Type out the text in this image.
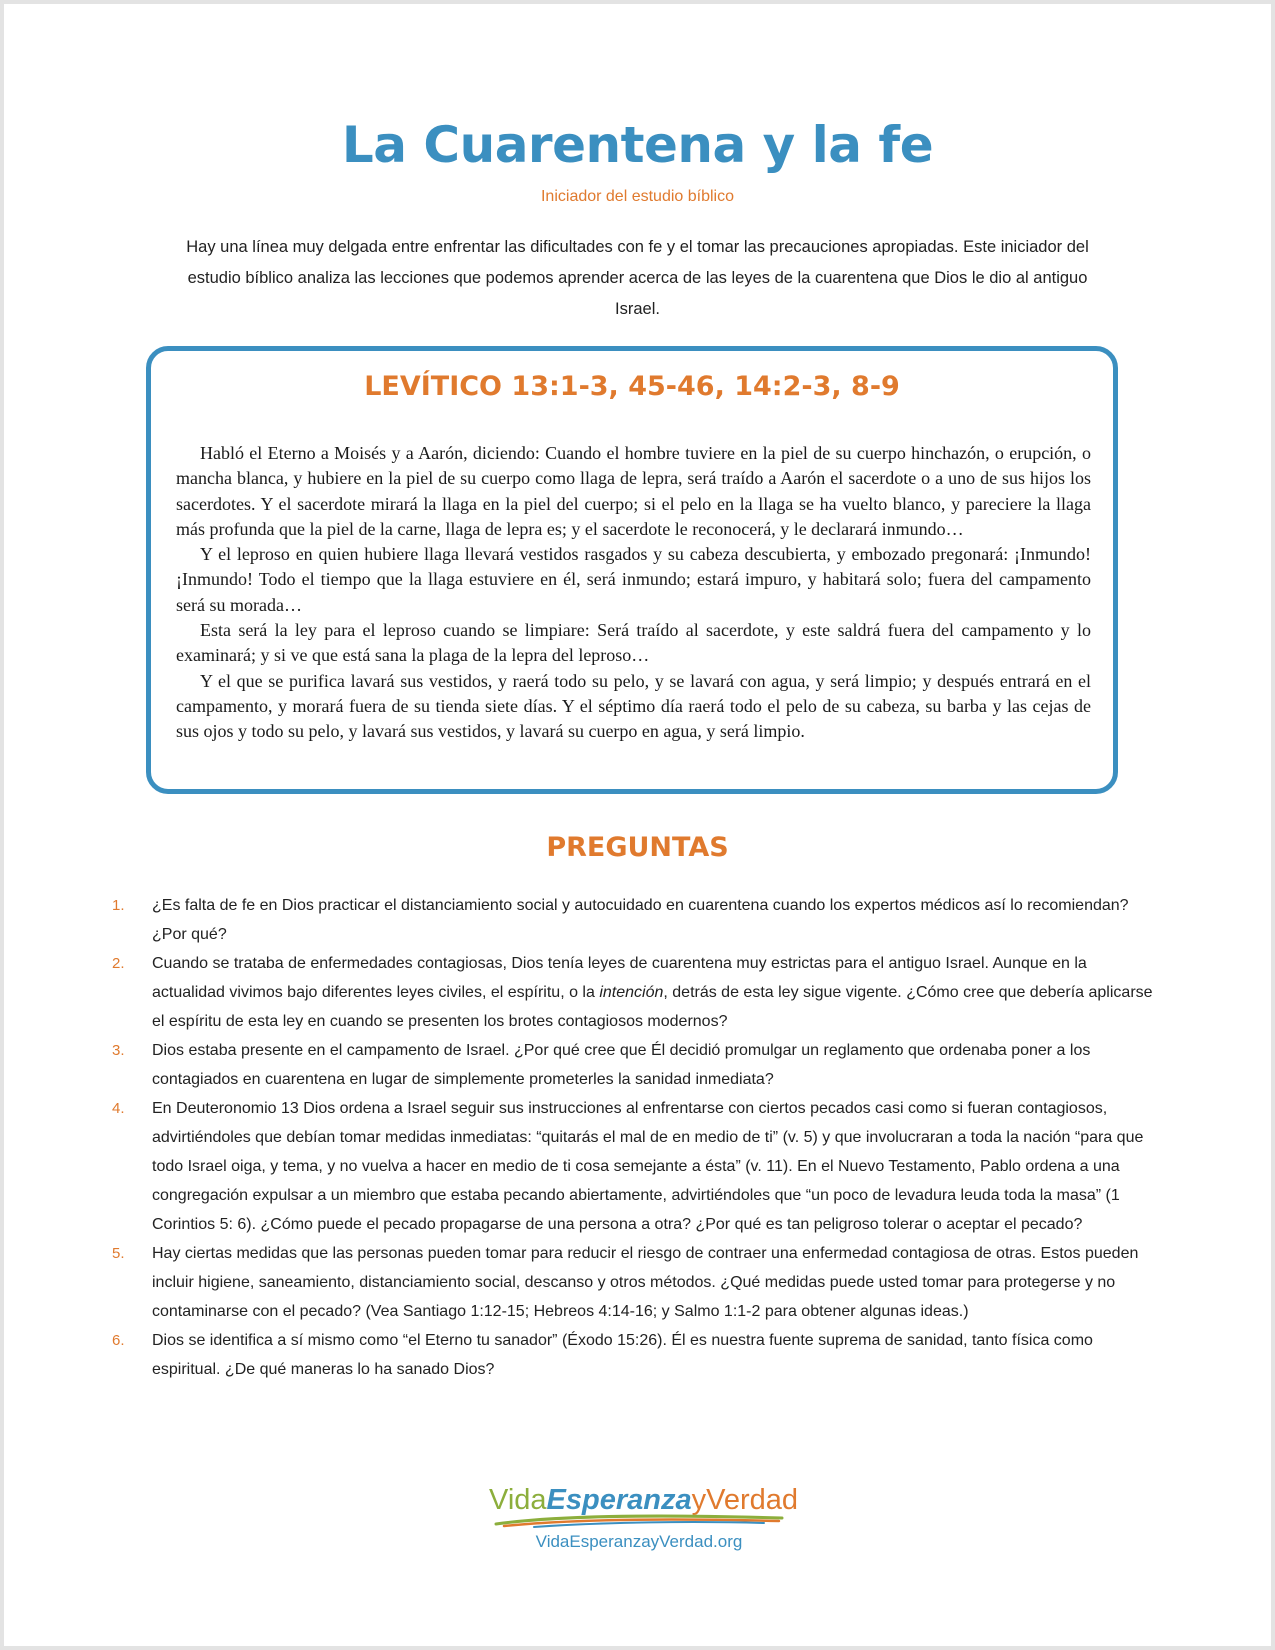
La Cuarentena y la fe
Iniciador del estudio bíblico

Hay una línea muy delgada entre enfrentar las dificultades con fe y el tomar las precauciones apropiadas. Este iniciador del estudio bíblico analiza las lecciones que podemos aprender acerca de las leyes de la cuarentena que Dios le dio al antiguo Israel.

LEVÍTICO 13:1-3, 45-46, 14:2-3, 8-9

Habló el Eterno a Moisés y a Aarón, diciendo: Cuando el hombre tuviere en la piel de su cuerpo hinchazón, o erupción, o mancha blanca, y hubiere en la piel de su cuerpo como llaga de lepra, será traído a Aarón el sacerdote o a uno de sus hijos los sacerdotes. Y el sacerdote mirará la llaga en la piel del cuerpo; si el pelo en la llaga se ha vuelto blanco, y pareciere la llaga más profunda que la piel de la carne, llaga de lepra es; y el sacerdote le reconocerá, y le declarará inmundo…

Y el leproso en quien hubiere llaga llevará vestidos rasgados y su cabeza descubierta, y embozado pregonará: ¡Inmundo! ¡Inmundo! Todo el tiempo que la llaga estuviere en él, será inmundo; estará impuro, y habitará solo; fuera del campamento será su morada…

Esta será la ley para el leproso cuando se limpiare: Será traído al sacerdote, y este saldrá fuera del campamento y lo examinará; y si ve que está sana la plaga de la lepra del leproso…

Y el que se purifica lavará sus vestidos, y raerá todo su pelo, y se lavará con agua, y será limpio; y después entrará en el campamento, y morará fuera de su tienda siete días. Y el séptimo día raerá todo el pelo de su cabeza, su barba y las cejas de sus ojos y todo su pelo, y lavará sus vestidos, y lavará su cuerpo en agua, y será limpio.

PREGUNTAS
1.	¿Es falta de fe en Dios practicar el distanciamiento social y autocuidado en cuarentena cuando los expertos médicos así lo recomiendan? ¿Por qué?
2.	Cuando se trataba de enfermedades contagiosas, Dios tenía leyes de cuarentena muy estrictas para el antiguo Israel. Aunque en la actualidad vivimos bajo diferentes leyes civiles, el espíritu, o la intención, detrás de esta ley sigue vigente. ¿Cómo cree que debería aplicarse el espíritu de esta ley en cuando se presenten los brotes contagiosos modernos?
3.	Dios estaba presente en el campamento de Israel. ¿Por qué cree que Él decidió promulgar un reglamento que ordenaba poner a los contagiados en cuarentena en lugar de simplemente prometerles la sanidad inmediata?
4.	En Deuteronomio 13 Dios ordena a Israel seguir sus instrucciones al enfrentarse con ciertos pecados casi como si fueran contagiosos, advirtiéndoles que debían tomar medidas inmediatas: “quitarás el mal de en medio de ti” (v. 5) y que involucraran a toda la nación “para que todo Israel oiga, y tema, y no vuelva a hacer en medio de ti cosa semejante a ésta” (v. 11). En el Nuevo Testamento, Pablo ordena a una congregación expulsar a un miembro que estaba pecando abiertamente, advirtiéndoles que “un poco de levadura leuda toda la masa” (1 Corintios 5: 6). ¿Cómo puede el pecado propagarse de una persona a otra? ¿Por qué es tan peligroso tolerar o aceptar el pecado?
5.	Hay ciertas medidas que las personas pueden tomar para reducir el riesgo de contraer una enfermedad contagiosa de otras. Estos pueden incluir higiene, saneamiento, distanciamiento social, descanso y otros métodos. ¿Qué medidas puede usted tomar para protegerse y no contaminarse con el pecado? (Vea Santiago 1:12-15; Hebreos 4:14-16; y Salmo 1:1-2 para obtener algunas ideas.)
6.	Dios se identifica a sí mismo como “el Eterno tu sanador” (Éxodo 15:26). Él es nuestra fuente suprema de sanidad, tanto física como espiritual. ¿De qué maneras lo ha sanado Dios?
VidaEsperanzayVerdad
VidaEsperanzayVerdad.org
